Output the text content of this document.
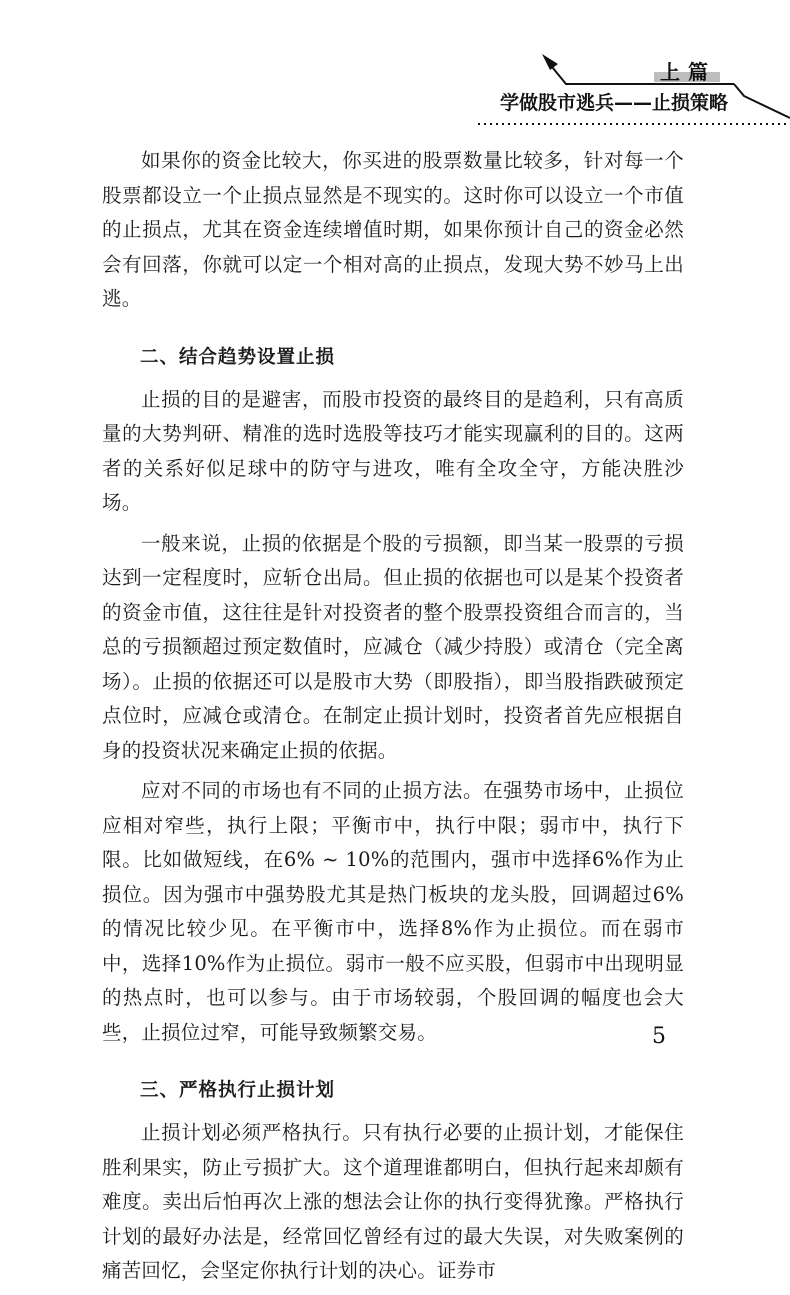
上篇
学做股市逃兵——止损策略

如果你的资金比较大，你买进的股票数量比较多，针对每一个股票都设立一个止损点显然是不现实的。这时你可以设立一个市值的止损点，尤其在资金连续增值时期，如果你预计自己的资金必然会有回落，你就可以定一个相对高的止损点，发现大势不妙马上出逃。

二、结合趋势设置止损

止损的目的是避害，而股市投资的最终目的是趋利，只有高质量的大势判研、精准的选时选股等技巧才能实现赢利的目的。这两者的关系好似足球中的防守与进攻，唯有全攻全守，方能决胜沙场。

一般来说，止损的依据是个股的亏损额，即当某一股票的亏损达到一定程度时，应斩仓出局。但止损的依据也可以是某个投资者的资金市值，这往往是针对投资者的整个股票投资组合而言的，当总的亏损额超过预定数值时，应减仓（减少持股）或清仓（完全离场）。止损的依据还可以是股市大势（即股指），即当股指跌破预定点位时，应减仓或清仓。在制定止损计划时，投资者首先应根据自身的投资状况来确定止损的依据。

应对不同的市场也有不同的止损方法。在强势市场中，止损位应相对窄些，执行上限；平衡市中，执行中限；弱市中，执行下限。比如做短线，在6% ~ 10%的范围内，强市中选择6%作为止损位。因为强市中强势股尤其是热门板块的龙头股，回调超过6%的情况比较少见。在平衡市中，选择8%作为止损位。而在弱市中，选择10%作为止损位。弱市一般不应买股，但弱市中出现明显的热点时，也可以参与。由于市场较弱，个股回调的幅度也会大些，止损位过窄，可能导致频繁交易。

三、严格执行止损计划

止损计划必须严格执行。只有执行必要的止损计划，才能保住胜利果实，防止亏损扩大。这个道理谁都明白，但执行起来却颇有难度。卖出后怕再次上涨的想法会让你的执行变得犹豫。严格执行计划的最好办法是，经常回忆曾经有过的最大失误，对失败案例的痛苦回忆，会坚定你执行计划的决心。证券市

5
